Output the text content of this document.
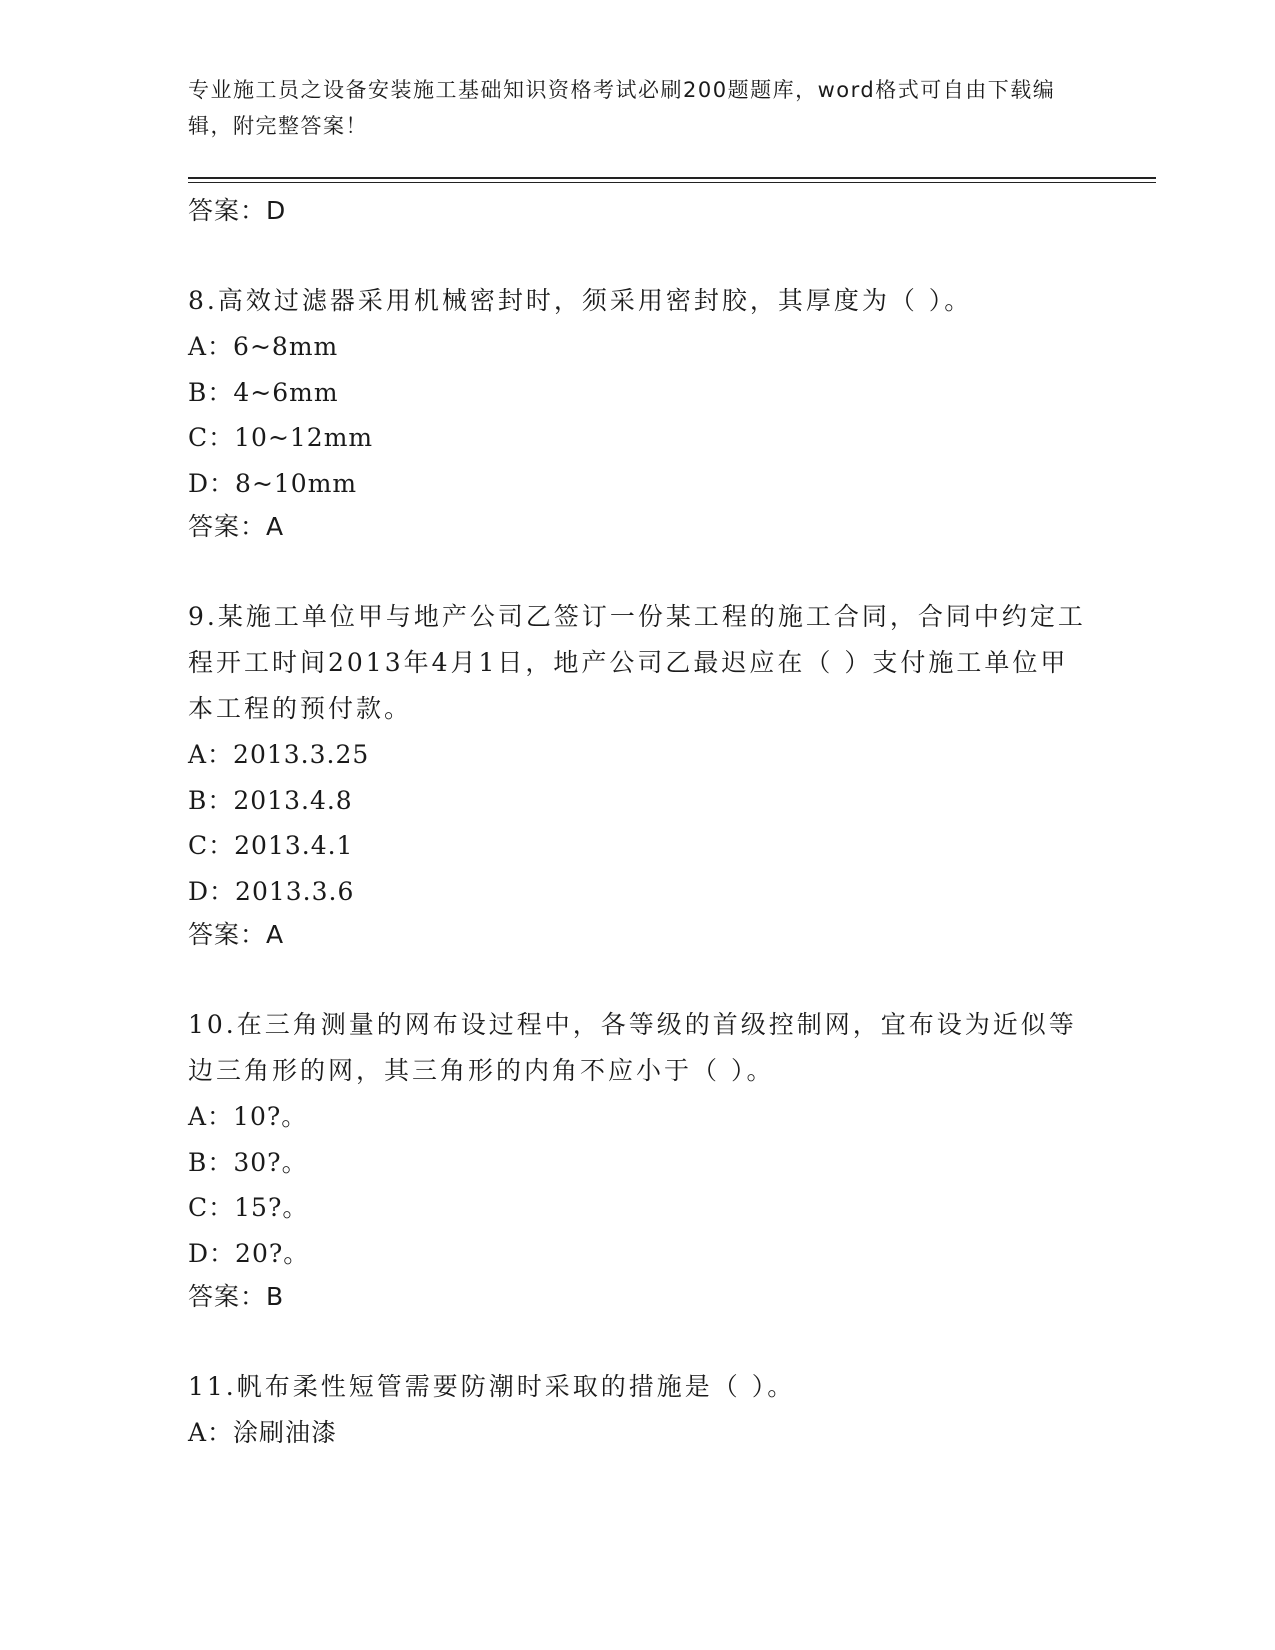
专业施工员之设备安装施工基础知识资格考试必刷200题题库，word格式可自由下载编辑，附完整答案！

答案：D

8.高效过滤器采用机械密封时，须采用密封胶，其厚度为（ ）。

A：6~8mm

B：4~6mm

C：10~12mm

D：8~10mm

答案：A

9.某施工单位甲与地产公司乙签订一份某工程的施工合同，合同中约定工程开工时间2013年4月1日，地产公司乙最迟应在（ ）支付施工单位甲本工程的预付款。

A：2013.3.25

B：2013.4.8

C：2013.4.1

D：2013.3.6

答案：A

10.在三角测量的网布设过程中，各等级的首级控制网，宜布设为近似等边三角形的网，其三角形的内角不应小于（ ）。

A：10?。

B：30?。

C：15?。

D：20?。

答案：B

11.帆布柔性短管需要防潮时采取的措施是（ ）。

A：涂刷油漆
